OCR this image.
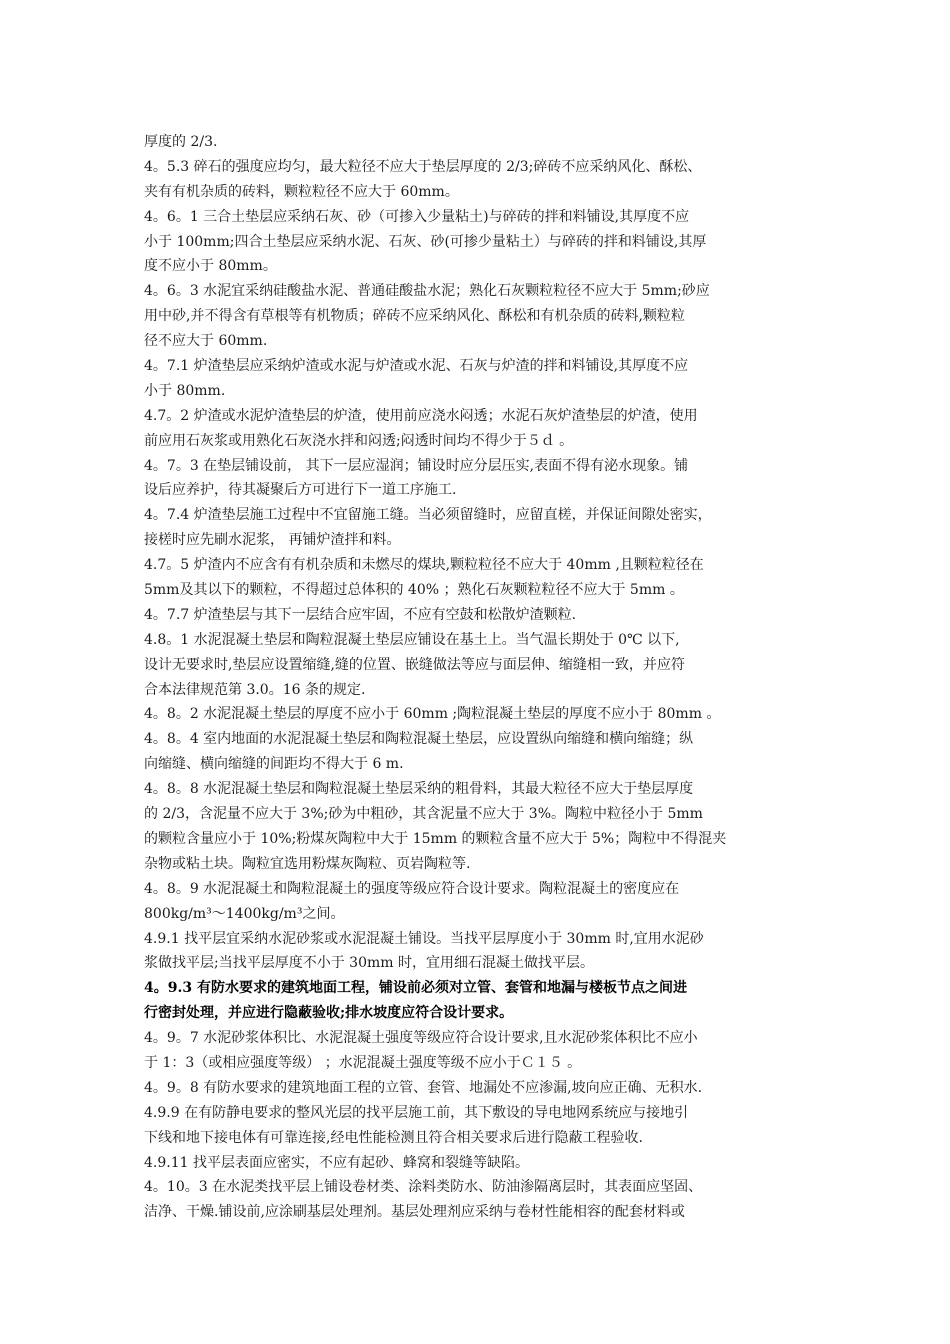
厚度的 2/3.
4。5.3 碎石的强度应均匀，最大粒径不应大于垫层厚度的 2/3;碎砖不应采纳风化、酥松、
夹有有机杂质的砖料，颗粒粒径不应大于 60mm。
4。6。1 三合土垫层应采纳石灰、砂（可掺入少量粘土)与碎砖的拌和料铺设,其厚度不应
小于 100mm;四合土垫层应采纳水泥、石灰、砂(可掺少量粘土）与碎砖的拌和料铺设,其厚
度不应小于 80mm。
4。6。3 水泥宜采纳硅酸盐水泥、普通硅酸盐水泥；熟化石灰颗粒粒径不应大于 5mm;砂应
用中砂,并不得含有草根等有机物质；碎砖不应采纳风化、酥松和有机杂质的砖料,颗粒粒
径不应大于 60mm.
4。7.1 炉渣垫层应采纳炉渣或水泥与炉渣或水泥、石灰与炉渣的拌和料铺设,其厚度不应
小于 80mm.
4.7。2 炉渣或水泥炉渣垫层的炉渣，使用前应浇水闷透；水泥石灰炉渣垫层的炉渣，使用
前应用石灰浆或用熟化石灰浇水拌和闷透;闷透时间均不得少于５ｄ 。
4。7。3 在垫层铺设前， 其下一层应湿润；铺设时应分层压实,表面不得有泌水现象。铺
设后应养护，待其凝聚后方可进行下一道工序施工.
4。7.4 炉渣垫层施工过程中不宜留施工缝。当必须留缝时，应留直槎，并保证间隙处密实，
接槎时应先刷水泥浆， 再铺炉渣拌和料。
4.7。5 炉渣内不应含有有机杂质和未燃尽的煤块,颗粒粒径不应大于 40mm ,且颗粒粒径在
5mm及其以下的颗粒，不得超过总体积的 40% ；熟化石灰颗粒粒径不应大于 5mm 。
4。7.7 炉渣垫层与其下一层结合应牢固，不应有空鼓和松散炉渣颗粒.
4.8。1 水泥混凝土垫层和陶粒混凝土垫层应铺设在基土上。当气温长期处于 0℃ 以下,
设计无要求时,垫层应设置缩缝,缝的位置、嵌缝做法等应与面层伸、缩缝相一致，并应符
合本法律规范第 3.0。16 条的规定.
4。8。2 水泥混凝土垫层的厚度不应小于 60mm ;陶粒混凝土垫层的厚度不应小于 80mm 。
4。8。4 室内地面的水泥混凝土垫层和陶粒混凝土垫层，应设置纵向缩缝和横向缩缝；纵
向缩缝、横向缩缝的间距均不得大于 6 m.
4。8。8 水泥混凝土垫层和陶粒混凝土垫层采纳的粗骨料，其最大粒径不应大于垫层厚度
的 2/3，含泥量不应大于 3%;砂为中粗砂，其含泥量不应大于 3%。陶粒中粒径小于 5mm
的颗粒含量应小于 10%;粉煤灰陶粒中大于 15mm 的颗粒含量不应大于 5%；陶粒中不得混夹
杂物或粘土块。陶粒宜选用粉煤灰陶粒、页岩陶粒等.
4。8。9 水泥混凝土和陶粒混凝土的强度等级应符合设计要求。陶粒混凝土的密度应在
800kg/m³～1400kg/m³之间。
4.9.1 找平层宜采纳水泥砂浆或水泥混凝土铺设。当找平层厚度小于 30mm 时,宜用水泥砂
浆做找平层;当找平层厚度不小于 30mm 时，宜用细石混凝土做找平层。
4。9.3 有防水要求的建筑地面工程，铺设前必须对立管、套管和地漏与楼板节点之间进
行密封处理，并应进行隐蔽验收;排水坡度应符合设计要求。
4。9。7 水泥砂浆体积比、水泥混凝土强度等级应符合设计要求,且水泥砂浆体积比不应小
于 1：3（或相应强度等级） ；水泥混凝土强度等级不应小于Ｃ１５ 。
4。9。8 有防水要求的建筑地面工程的立管、套管、地漏处不应渗漏,坡向应正确、无积水.
4.9.9 在有防静电要求的整风光层的找平层施工前，其下敷设的导电地网系统应与接地引
下线和地下接电体有可靠连接,经电性能检测且符合相关要求后进行隐蔽工程验收.
4.9.11 找平层表面应密实，不应有起砂、蜂窝和裂缝等缺陷。
4。10。3 在水泥类找平层上铺设卷材类、涂料类防水、防油渗隔离层时，其表面应坚固、
洁净、干燥.铺设前,应涂刷基层处理剂。基层处理剂应采纳与卷材性能相容的配套材料或
